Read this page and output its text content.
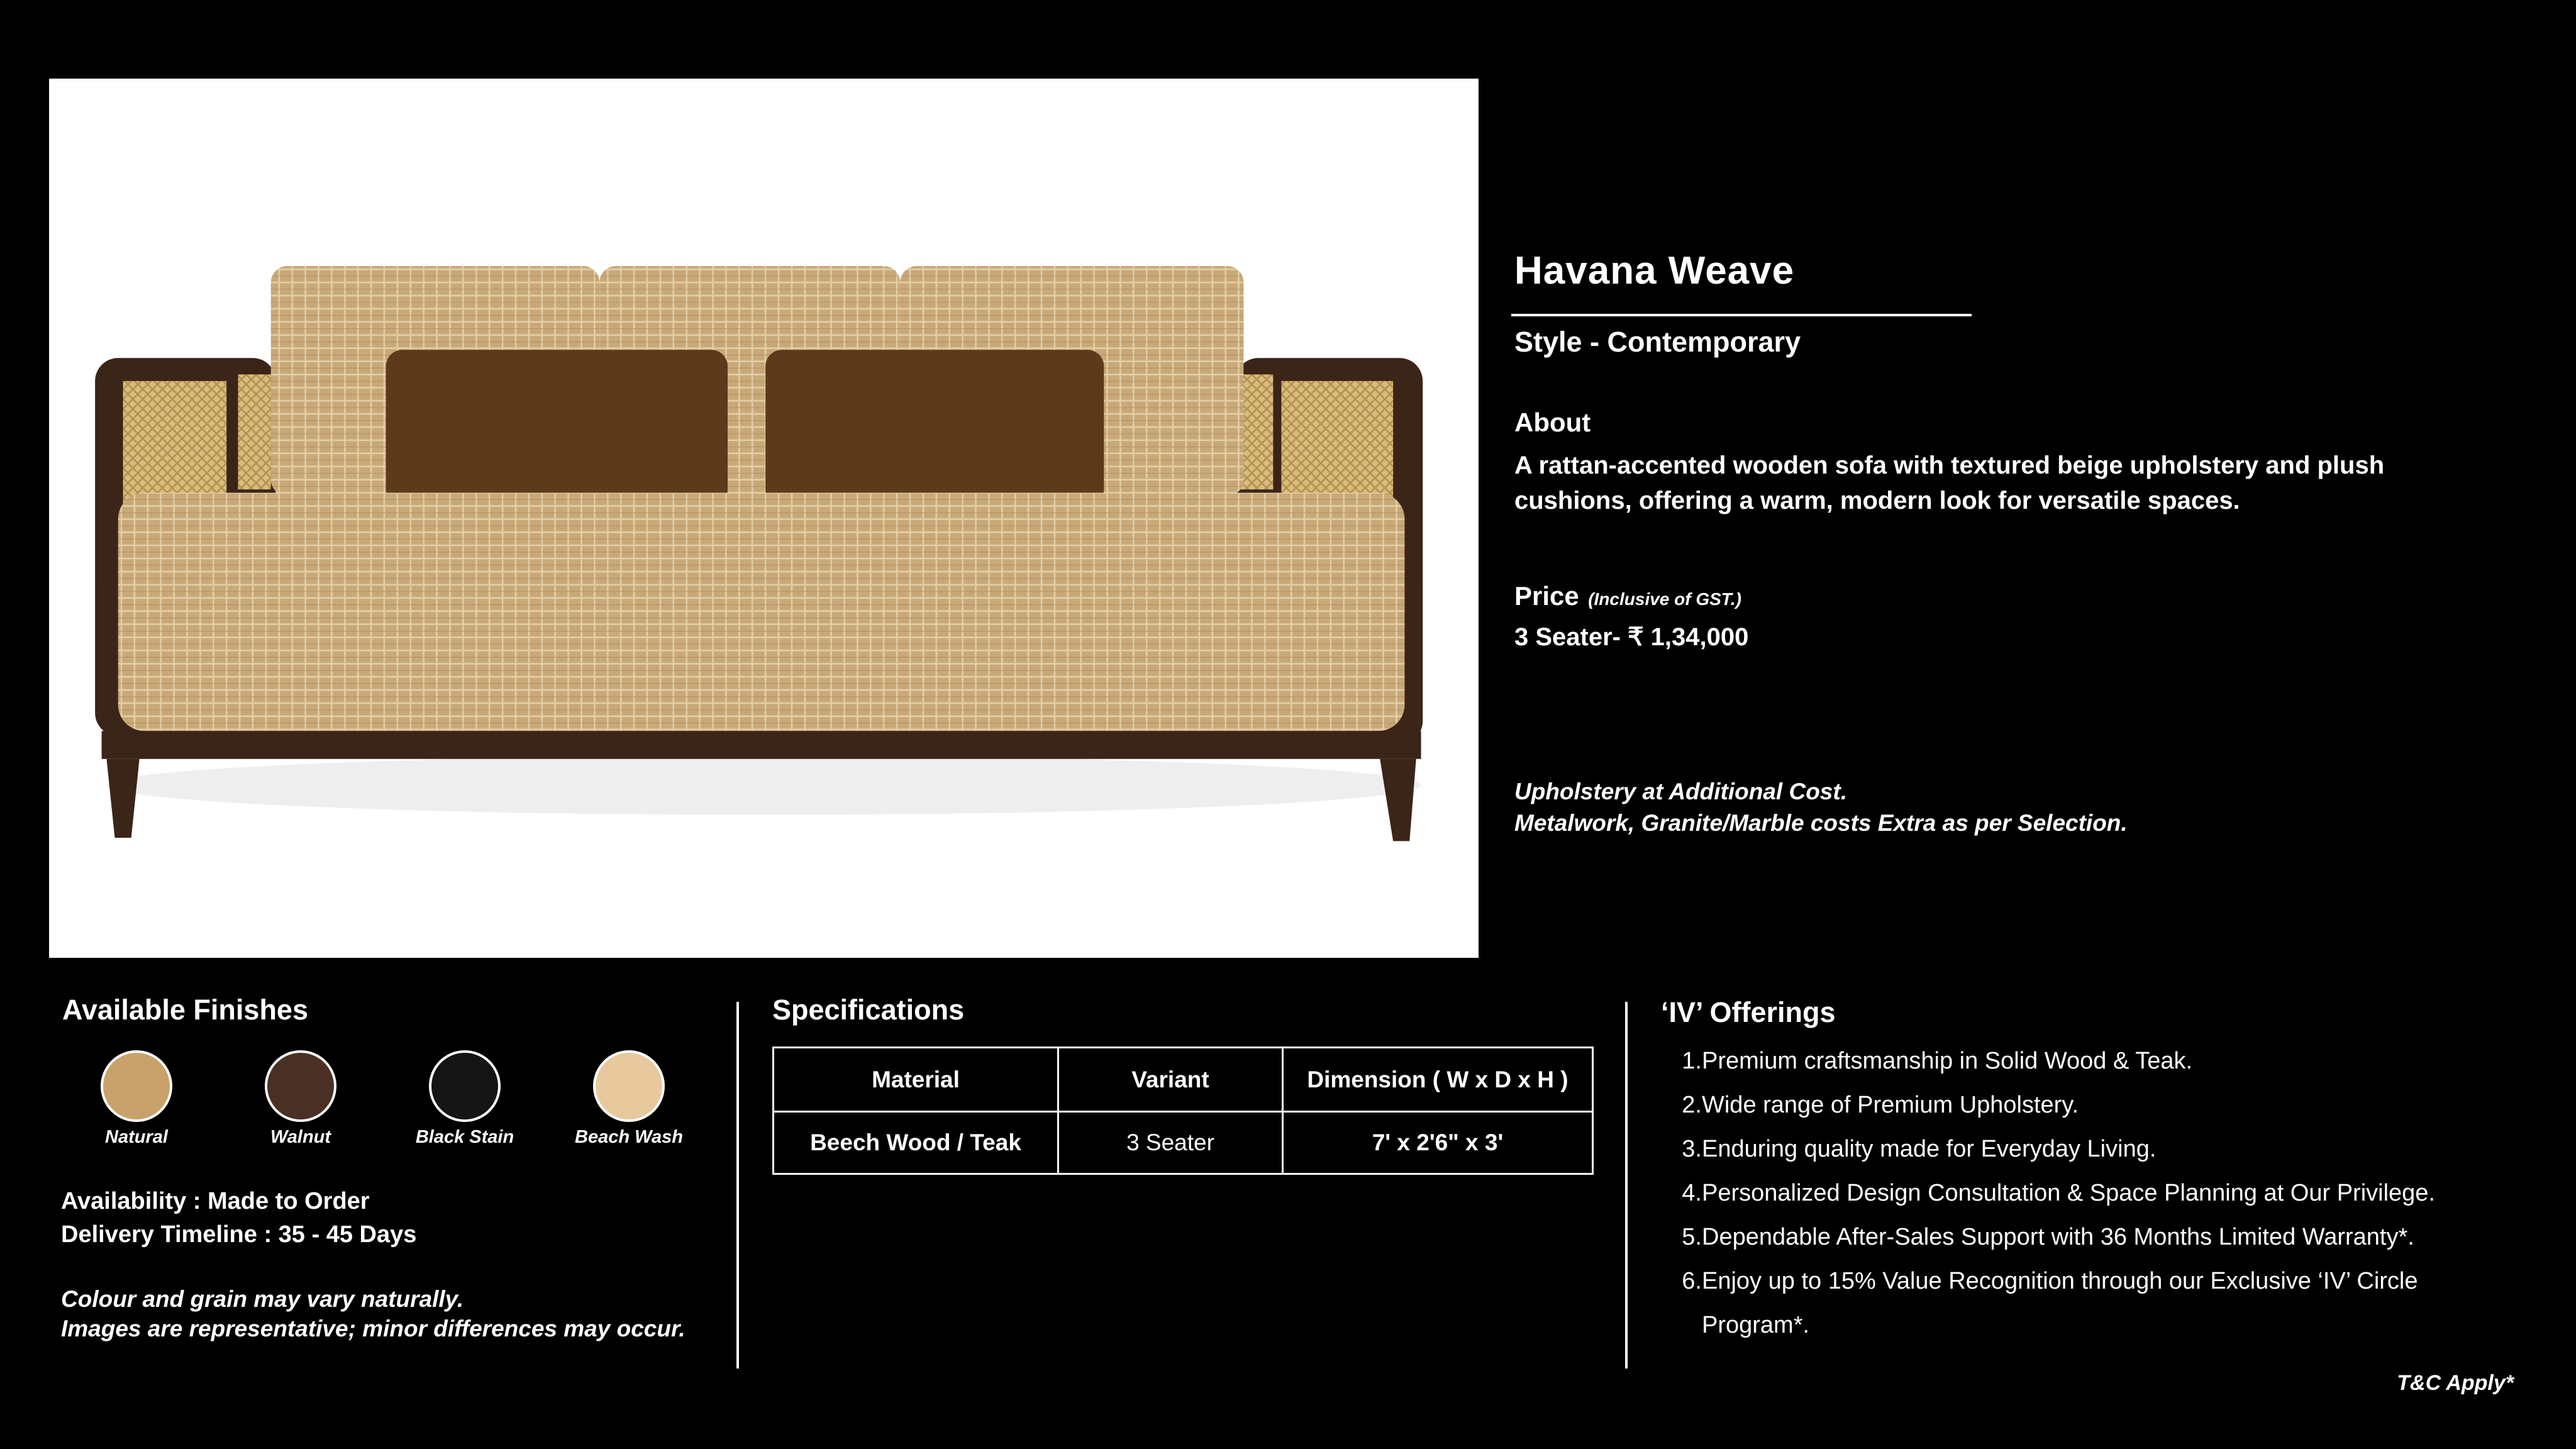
Havana Weave
Style - Contemporary
About
A rattan-accented wooden sofa with textured beige upholstery and plush cushions, offering a warm, modern look for versatile spaces.
Price (Inclusive of GST.)
3 Seater- ₹ 1,34,000
Upholstery at Additional Cost.
Metalwork, Granite/Marble costs Extra as per Selection.
Available Finishes
Natural	Walnut	Black Stain	Beach Wash
Availability : Made to Order
Delivery Timeline : 35 - 45 Days
Colour and grain may vary naturally.
Images are representative; minor differences may occur.
Specifications
Material	Variant	Dimension ( W x D x H )
Beech Wood / Teak	3 Seater	7' x 2'6" x 3'
‘IV’ Offerings
1.Premium craftsmanship in Solid Wood & Teak.
2.Wide range of Premium Upholstery.
3.Enduring quality made for Everyday Living.
4.Personalized Design Consultation & Space Planning at Our Privilege.
5.Dependable After-Sales Support with 36 Months Limited Warranty*.
6. Enjoy up to 15% Value Recognition through our Exclusive ‘IV’ Circle Program*.
T&C Apply*
